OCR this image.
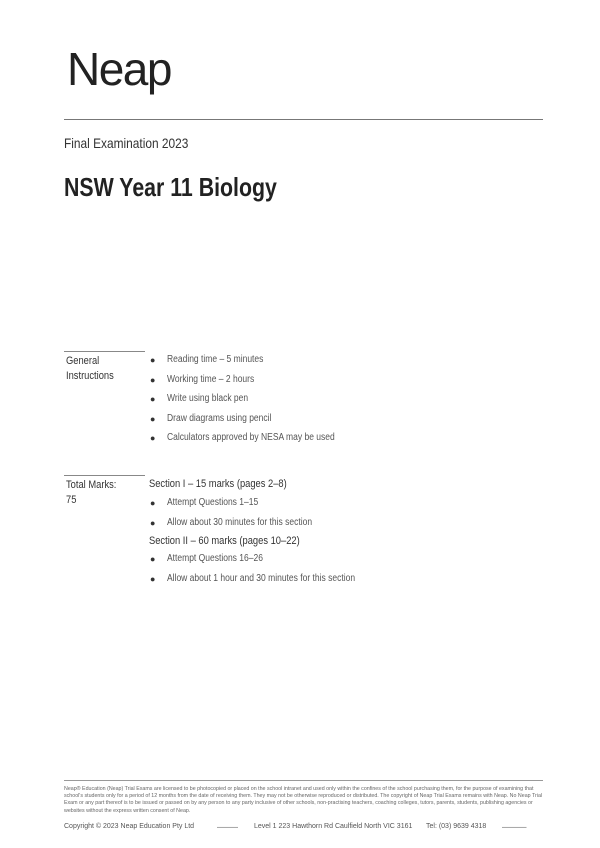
Neap
Final Examination 2023
NSW Year 11 Biology
General
Instructions
● Reading time – 5 minutes
● Working time – 2 hours
● Write using black pen
● Draw diagrams using pencil
● Calculators approved by NESA may be used
Total Marks:
75
Section I – 15 marks (pages 2–8)
● Attempt Questions 1–15
● Allow about 30 minutes for this section
Section II – 60 marks (pages 10–22)
● Attempt Questions 16–26
● Allow about 1 hour and 30 minutes for this section
Neap® Education (Neap) Trial Exams are licensed to be photocopied or placed on the school intranet and used only within the confines of the school purchasing them, for the purpose of examining that school's students only for a period of 12 months from the date of receiving them. They may not be otherwise reproduced or distributed. The copyright of Neap Trial Exams remains with Neap. No Neap Trial Exam or any part thereof is to be issued or passed on by any person to any party inclusive of other schools, non-practising teachers, coaching colleges, tutors, parents, students, publishing agencies or websites without the express written consent of Neap.
Copyright © 2023 Neap Education Pty Ltd	▬▬▬▬▬▬ Level 1 223 Hawthorn Rd Caulfield North VIC 3161 Tel: (03) 9639 4318	▬▬▬▬▬▬▬
